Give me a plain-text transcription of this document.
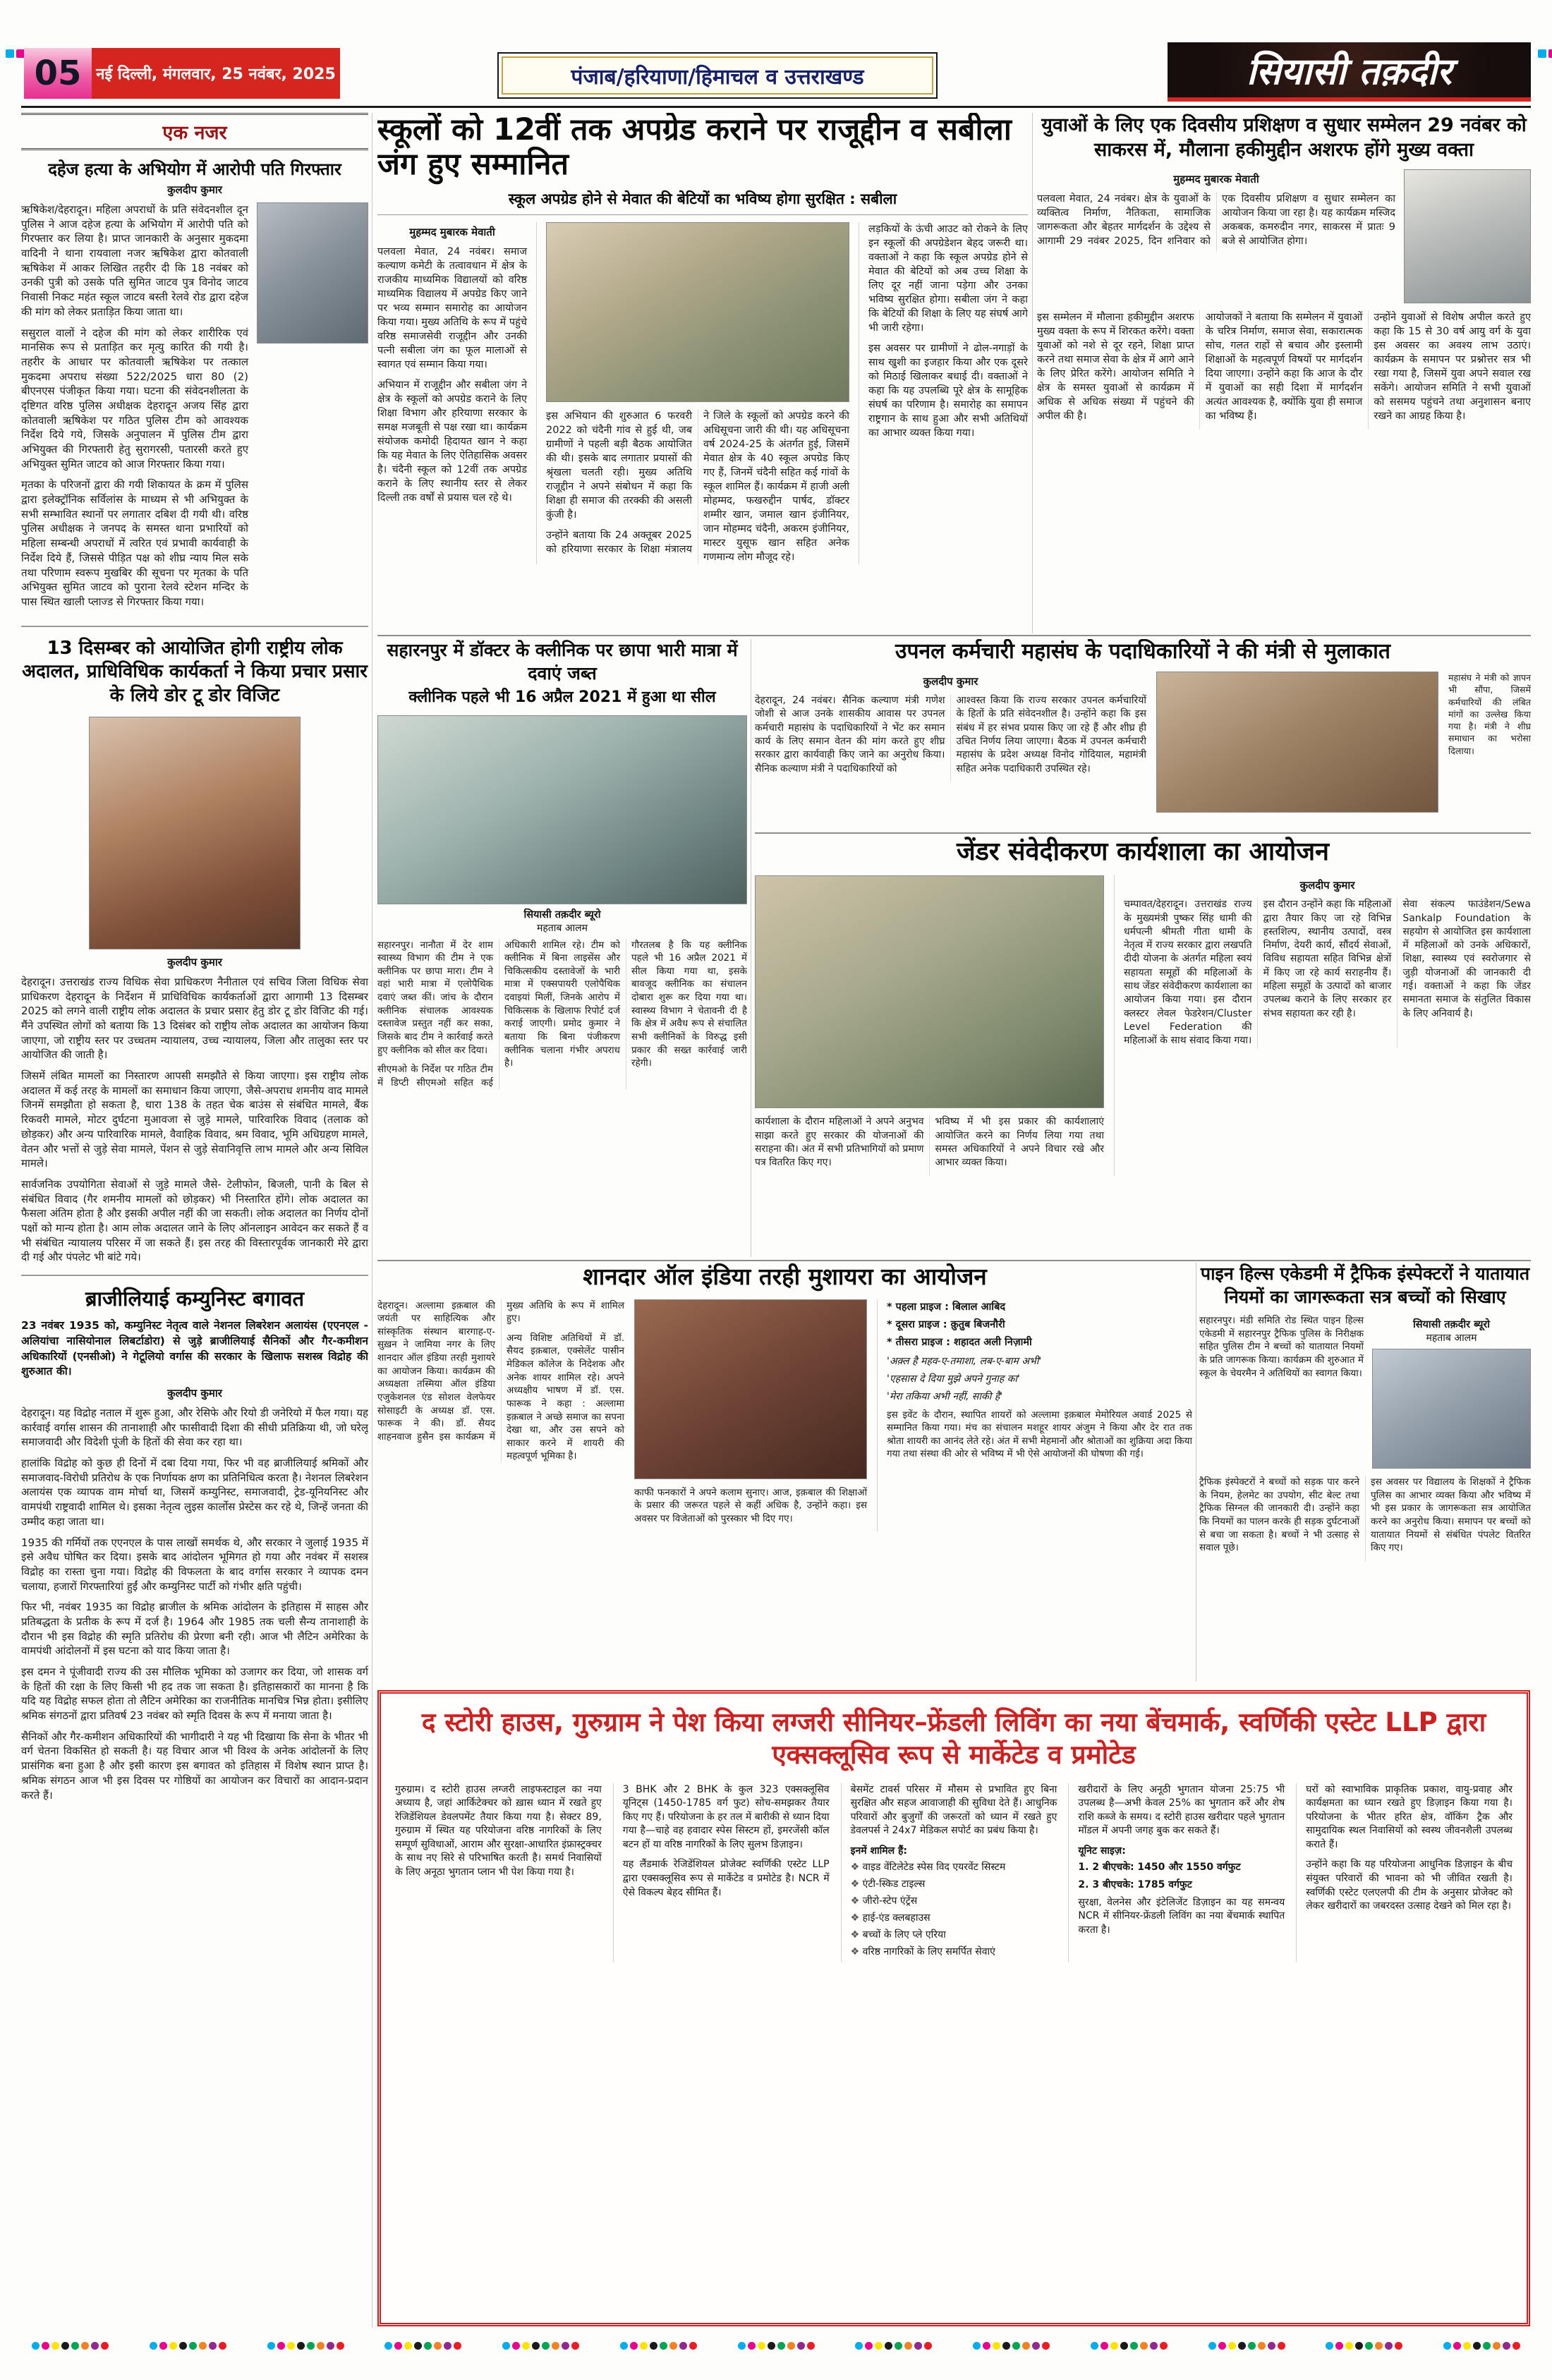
05 नई दिल्ली, मंगलवार, 25 नवंबर, 2025	पंजाब/हरियाणा/हिमाचल व उत्तराखण्ड	सियासी तक़दीर
एक नजर
दहेज हत्या के अभियोग में आरोपी पति गिरफ्तार
कुलदीप कुमार

ऋषिकेश/देहरादून। महिला अपराधों के प्रति संवेदनशील दून पुलिस ने आज दहेज हत्या के अभियोग में आरोपी पति को गिरफ्तार कर लिया है। प्राप्त जानकारी के अनुसार मुकदमा वादिनी ने थाना रायवाला नजर ऋषिकेश द्वारा कोतवाली ऋषिकेश में आकर लिखित तहरीर दी कि 18 नवंबर को उनकी पुत्री को उसके पति सुमित जाटव पुत्र विनोद जाटव निवासी निकट महंत स्कूल जाटव बस्ती रेलवे रोड द्वारा दहेज की मांग को लेकर प्रताड़ित किया जाता था।

ससुराल वालों ने दहेज की मांग को लेकर शारीरिक एवं मानसिक रूप से प्रताड़ित कर मृत्यु कारित की गयी है। तहरीर के आधार पर कोतवाली ऋषिकेश पर तत्काल मुकदमा अपराध संख्या 522/2025 धारा 80 (2) बीएनएस पंजीकृत किया गया। घटना की संवेदनशीलता के दृष्टिगत वरिष्ठ पुलिस अधीक्षक देहरादून अजय सिंह द्वारा कोतवाली ऋषिकेश पर गठित पुलिस टीम को आवश्यक निर्देश दिये गये, जिसके अनुपालन में पुलिस टीम द्वारा अभियुक्त की गिरफ्तारी हेतु सुरागरसी, पतारसी करते हुए अभियुक्त सुमित जाटव को आज गिरफ्तार किया गया।

मृतका के परिजनों द्वारा की गयी शिकायत के क्रम में पुलिस द्वारा इलेक्ट्रॉनिक सर्विलांस के माध्यम से भी अभियुक्त के सभी सम्भावित स्थानों पर लगातार दबिश दी गयी थी। वरिष्ठ पुलिस अधीक्षक ने जनपद के समस्त थाना प्रभारियों को महिला सम्बन्धी अपराधों में त्वरित एवं प्रभावी कार्यवाही के निर्देश दिये हैं, जिससे पीड़ित पक्ष को शीघ्र न्याय मिल सके तथा परिणाम स्वरूप मुखबिर की सूचना पर मृतका के पति अभियुक्त सुमित जाटव को पुराना रेलवे स्टेशन मन्दिर के पास स्थित खाली प्लाज्ड से गिरफ्तार किया गया।

13 दिसम्बर को आयोजित होगी राष्ट्रीय लोक अदालत, प्राधिविधिक कार्यकर्ता ने किया प्रचार प्रसार के लिये डोर टू डोर विजिट
कुलदीप कुमार

देहरादून। उत्तराखंड राज्य विधिक सेवा प्राधिकरण नैनीताल एवं सचिव जिला विधिक सेवा प्राधिकरण देहरादून के निर्देशन में प्राधिविधिक कार्यकर्ताओं द्वारा आगामी 13 दिसम्बर 2025 को लगने वाली राष्ट्रीय लोक अदालत के प्रचार प्रसार हेतु डोर टू डोर विजिट की गई। मैंने उपस्थित लोगों को बताया कि 13 दिसंबर को राष्ट्रीय लोक अदालत का आयोजन किया जाएगा, जो राष्ट्रीय स्तर पर उच्चतम न्यायालय, उच्च न्यायालय, जिला और तालुका स्तर पर आयोजित की जाती है।

जिसमें लंबित मामलों का निस्तारण आपसी समझौते से किया जाएगा। इस राष्ट्रीय लोक अदालत में कई तरह के मामलों का समाधान किया जाएगा, जैसे-अपराध शमनीय वाद मामले जिनमें समझौता हो सकता है, धारा 138 के तहत चेक बाउंस से संबंधित मामले, बैंक रिकवरी मामले, मोटर दुर्घटना मुआवजा से जुड़े मामले, पारिवारिक विवाद (तलाक को छोड़कर) और अन्य पारिवारिक मामले, वैवाहिक विवाद, श्रम विवाद, भूमि अधिग्रहण मामले, वेतन और भत्तों से जुड़े सेवा मामले, पेंशन से जुड़े सेवानिवृत्ति लाभ मामले और अन्य सिविल मामले।

सार्वजनिक उपयोगिता सेवाओं से जुड़े मामले जैसे- टेलीफोन, बिजली, पानी के बिल से संबंधित विवाद (गैर शमनीय मामलों को छोड़कर) भी निस्तारित होंगे। लोक अदालत का फैसला अंतिम होता है और इसकी अपील नहीं की जा सकती। लोक अदालत का निर्णय दोनों पक्षों को मान्य होता है। आम लोक अदालत जाने के लिए ऑनलाइन आवेदन कर सकते हैं व भी संबंधित न्यायालय परिसर में जा सकते हैं। इस तरह की विस्तारपूर्वक जानकारी मेरे द्वारा दी गई और पंपलेट भी बांटे गये।

ब्राजीलियाई कम्युनिस्ट बगावत

23 नवंबर 1935 को, कम्युनिस्ट नेतृत्व वाले नेशनल लिबरेशन अलायंस (एएनएल - अलियांचा नासियोनाल लिबर्टाडोरा) से जुड़े ब्राजीलियाई सैनिकों और गैर-कमीशन अधिकारियों (एनसीओ) ने गेटूलियो वर्गास की सरकार के खिलाफ सशस्त्र विद्रोह की शुरुआत की।

कुलदीप कुमार

देहरादून। यह विद्रोह नताल में शुरू हुआ, और रेसिफे और रियो डी जनेरियो में फैल गया। यह कार्रवाई वर्गास शासन की तानाशाही और फासीवादी दिशा की सीधी प्रतिक्रिया थी, जो घरेलू समाजवादी और विदेशी पूंजी के हितों की सेवा कर रहा था।

हालांकि विद्रोह को कुछ ही दिनों में दबा दिया गया, फिर भी वह ब्राजीलियाई श्रमिकों और समाजवाद-विरोधी प्रतिरोध के एक निर्णायक क्षण का प्रतिनिधित्व करता है। नेशनल लिबरेशन अलायंस एक व्यापक वाम मोर्चा था, जिसमें कम्युनिस्ट, समाजवादी, ट्रेड-यूनियनिस्ट और वामपंथी राष्ट्रवादी शामिल थे। इसका नेतृत्व लुइस कार्लोस प्रेस्टेस कर रहे थे, जिन्हें जनता की उम्मीद कहा जाता था।

1935 की गर्मियों तक एएनएल के पास लाखों समर्थक थे, और सरकार ने जुलाई 1935 में इसे अवैध घोषित कर दिया। इसके बाद आंदोलन भूमिगत हो गया और नवंबर में सशस्त्र विद्रोह का रास्ता चुना गया। विद्रोह की विफलता के बाद वर्गास सरकार ने व्यापक दमन चलाया, हजारों गिरफ्तारियां हुईं और कम्युनिस्ट पार्टी को गंभीर क्षति पहुंची।

फिर भी, नवंबर 1935 का विद्रोह ब्राजील के श्रमिक आंदोलन के इतिहास में साहस और प्रतिबद्धता के प्रतीक के रूप में दर्ज है। 1964 और 1985 तक चली सैन्य तानाशाही के दौरान भी इस विद्रोह की स्मृति प्रतिरोध की प्रेरणा बनी रही। आज भी लैटिन अमेरिका के वामपंथी आंदोलनों में इस घटना को याद किया जाता है।

इस दमन ने पूंजीवादी राज्य की उस मौलिक भूमिका को उजागर कर दिया, जो शासक वर्ग के हितों की रक्षा के लिए किसी भी हद तक जा सकता है। इतिहासकारों का मानना है कि यदि यह विद्रोह सफल होता तो लैटिन अमेरिका का राजनीतिक मानचित्र भिन्न होता। इसीलिए श्रमिक संगठनों द्वारा प्रतिवर्ष 23 नवंबर को स्मृति दिवस के रूप में मनाया जाता है।

सैनिकों और गैर-कमीशन अधिकारियों की भागीदारी ने यह भी दिखाया कि सेना के भीतर भी वर्ग चेतना विकसित हो सकती है। यह विचार आज भी विश्व के अनेक आंदोलनों के लिए प्रासंगिक बना हुआ है और इसी कारण इस बगावत को इतिहास में विशेष स्थान प्राप्त है। श्रमिक संगठन आज भी इस दिवस पर गोष्ठियों का आयोजन कर विचारों का आदान-प्रदान करते हैं।

स्कूलों को 12वीं तक अपग्रेड कराने पर राजूद्दीन व सबीला जंग हुए सम्मानित
स्कूल अपग्रेड होने से मेवात की बेटियों का भविष्य होगा सुरक्षित : सबीला
मुहम्मद मुबारक मेवाती

पलवला मेवात, 24 नवंबर। समाज कल्याण कमेटी के तत्वावधान में क्षेत्र के राजकीय माध्यमिक विद्यालयों को वरिष्ठ माध्यमिक विद्यालय में अपग्रेड किए जाने पर भव्य सम्मान समारोह का आयोजन किया गया। मुख्य अतिथि के रूप में पहुंचे वरिष्ठ समाजसेवी राजूद्दीन और उनकी पत्नी सबीला जंग का फूल मालाओं से स्वागत एवं सम्मान किया गया।

अभियान में राजूद्दीन और सबीला जंग ने क्षेत्र के स्कूलों को अपग्रेड कराने के लिए शिक्षा विभाग और हरियाणा सरकार के समक्ष मजबूती से पक्ष रखा था। कार्यक्रम संयोजक कमोदी हिदायत खान ने कहा कि यह मेवात के लिए ऐतिहासिक अवसर है। चंदैनी स्कूल को 12वीं तक अपग्रेड कराने के लिए स्थानीय स्तर से लेकर दिल्ली तक वर्षों से प्रयास चल रहे थे।

इस अभियान की शुरुआत 6 फरवरी 2022 को चंदैनी गांव से हुई थी, जब ग्रामीणों ने पहली बड़ी बैठक आयोजित की थी। इसके बाद लगातार प्रयासों की श्रृंखला चलती रही। मुख्य अतिथि राजूद्दीन ने अपने संबोधन में कहा कि शिक्षा ही समाज की तरक्की की असली कुंजी है।

उन्होंने बताया कि 24 अक्तूबर 2025 को हरियाणा सरकार के शिक्षा मंत्रालय ने जिले के स्कूलों को अपग्रेड करने की अधिसूचना जारी की थी। यह अधिसूचना वर्ष 2024-25 के अंतर्गत हुई, जिसमें मेवात क्षेत्र के 40 स्कूल अपग्रेड किए गए हैं, जिनमें चंदैनी सहित कई गांवों के स्कूल शामिल हैं। कार्यक्रम में हाजी अली मोहम्मद, फखरुद्दीन पार्षद, डॉक्टर शम्मीर खान, जमाल खान इंजीनियर, जान मोहम्मद चंदैनी, अकरम इंजीनियर, मास्टर युसूफ खान सहित अनेक गणमान्य लोग मौजूद रहे।

लड़कियों के ऊंची आउट को रोकने के लिए इन स्कूलों की अपग्रेडेशन बेहद जरूरी था। वक्ताओं ने कहा कि स्कूल अपग्रेड होने से मेवात की बेटियों को अब उच्च शिक्षा के लिए दूर नहीं जाना पड़ेगा और उनका भविष्य सुरक्षित होगा। सबीला जंग ने कहा कि बेटियों की शिक्षा के लिए यह संघर्ष आगे भी जारी रहेगा।

इस अवसर पर ग्रामीणों ने ढोल-नगाड़ों के साथ खुशी का इजहार किया और एक दूसरे को मिठाई खिलाकर बधाई दी। वक्ताओं ने कहा कि यह उपलब्धि पूरे क्षेत्र के सामूहिक संघर्ष का परिणाम है। समारोह का समापन राष्ट्रगान के साथ हुआ और सभी अतिथियों का आभार व्यक्त किया गया।

युवाओं के लिए एक दिवसीय प्रशिक्षण व सुधार सम्मेलन 29 नवंबर को साकरस में, मौलाना हकीमुद्दीन अशरफ होंगे मुख्य वक्ता
मुहम्मद मुबारक मेवाती

पलवला मेवात, 24 नवंबर। क्षेत्र के युवाओं के व्यक्तित्व निर्माण, नैतिकता, सामाजिक जागरूकता और बेहतर मार्गदर्शन के उद्देश्य से आगामी 29 नवंबर 2025, दिन शनिवार को एक दिवसीय प्रशिक्षण व सुधार सम्मेलन का आयोजन किया जा रहा है। यह कार्यक्रम मस्जिद अकबक, कमरुदीन नगर, साकरस में प्रातः 9 बजे से आयोजित होगा।

इस सम्मेलन में मौलाना हकीमुद्दीन अशरफ मुख्य वक्ता के रूप में शिरकत करेंगे। वक्ता युवाओं को नशे से दूर रहने, शिक्षा प्राप्त करने तथा समाज सेवा के क्षेत्र में आगे आने के लिए प्रेरित करेंगे। आयोजन समिति ने क्षेत्र के समस्त युवाओं से कार्यक्रम में अधिक से अधिक संख्या में पहुंचने की अपील की है।

आयोजकों ने बताया कि सम्मेलन में युवाओं के चरित्र निर्माण, समाज सेवा, सकारात्मक सोच, गलत राहों से बचाव और इस्लामी शिक्षाओं के महत्वपूर्ण विषयों पर मार्गदर्शन दिया जाएगा। उन्होंने कहा कि आज के दौर में युवाओं का सही दिशा में मार्गदर्शन अत्यंत आवश्यक है, क्योंकि युवा ही समाज का भविष्य हैं।

उन्होंने युवाओं से विशेष अपील करते हुए कहा कि 15 से 30 वर्ष आयु वर्ग के युवा इस अवसर का अवश्य लाभ उठाएं। कार्यक्रम के समापन पर प्रश्नोत्तर सत्र भी रखा गया है, जिसमें युवा अपने सवाल रख सकेंगे। आयोजन समिति ने सभी युवाओं को ससमय पहुंचने तथा अनुशासन बनाए रखने का आग्रह किया है।

सहारनपुर में डॉक्टर के क्लीनिक पर छापा भारी मात्रा में दवाएं जब्त
क्लीनिक पहले भी 16 अप्रैल 2021 में हुआ था सील
सियासी तक़दीर ब्यूरो
महताब आलम

सहारनपुर। नानौता में देर शाम स्वास्थ्य विभाग की टीम ने एक क्लीनिक पर छापा मारा। टीम ने वहां भारी मात्रा में एलोपैथिक दवाएं जब्त कीं। जांच के दौरान क्लीनिक संचालक आवश्यक दस्तावेज प्रस्तुत नहीं कर सका, जिसके बाद टीम ने कार्रवाई करते हुए क्लीनिक को सील कर दिया।

सीएमओ के निर्देश पर गठित टीम में डिप्टी सीएमओ सहित कई अधिकारी शामिल रहे। टीम को क्लीनिक में बिना लाइसेंस और चिकित्सकीय दस्तावेजों के भारी मात्रा में एक्सपायरी एलोपैथिक दवाइयां मिलीं, जिनके आरोप में चिकित्सक के खिलाफ रिपोर्ट दर्ज कराई जाएगी। प्रमोद कुमार ने बताया कि बिना पंजीकरण क्लीनिक चलाना गंभीर अपराध है।

गौरतलब है कि यह क्लीनिक पहले भी 16 अप्रैल 2021 में सील किया गया था, इसके बावजूद क्लीनिक का संचालन दोबारा शुरू कर दिया गया था। स्वास्थ्य विभाग ने चेतावनी दी है कि क्षेत्र में अवैध रूप से संचालित सभी क्लीनिकों के विरुद्ध इसी प्रकार की सख्त कार्रवाई जारी रहेगी।

उपनल कर्मचारी महासंघ के पदाधिकारियों ने की मंत्री से मुलाकात
कुलदीप कुमार

देहरादून, 24 नवंबर। सैनिक कल्याण मंत्री गणेश जोशी से आज उनके शासकीय आवास पर उपनल कर्मचारी महासंघ के पदाधिकारियों ने भेंट कर समान कार्य के लिए समान वेतन की मांग करते हुए शीघ्र सरकार द्वारा कार्यवाही किए जाने का अनुरोध किया। सैनिक कल्याण मंत्री ने पदाधिकारियों को

आश्वस्त किया कि राज्य सरकार उपनल कर्मचारियों के हितों के प्रति संवेदनशील है। उन्होंने कहा कि इस संबंध में हर संभव प्रयास किए जा रहे हैं और शीघ्र ही उचित निर्णय लिया जाएगा। बैठक में उपनल कर्मचारी महासंघ के प्रदेश अध्यक्ष विनोद गोदियाल, महामंत्री सहित अनेक पदाधिकारी उपस्थित रहे।

महासंघ ने मंत्री को ज्ञापन भी सौंपा, जिसमें कर्मचारियों की लंबित मांगों का उल्लेख किया गया है। मंत्री ने शीघ्र समाधान का भरोसा दिलाया।

जेंडर संवेदीकरण कार्यशाला का आयोजन

कार्यशाला के दौरान महिलाओं ने अपने अनुभव साझा करते हुए सरकार की योजनाओं की सराहना की। अंत में सभी प्रतिभागियों को प्रमाण पत्र वितरित किए गए।

भविष्य में भी इस प्रकार की कार्यशालाएं आयोजित करने का निर्णय लिया गया तथा समस्त अधिकारियों ने अपने विचार रखे और आभार व्यक्त किया।

कुलदीप कुमार

चम्पावत/देहरादून। उत्तराखंड राज्य के मुख्यमंत्री पुष्कर सिंह धामी की धर्मपत्नी श्रीमती गीता धामी के नेतृत्व में राज्य सरकार द्वारा लखपति दीदी योजना के अंतर्गत महिला स्वयं सहायता समूहों की महिलाओं के साथ जेंडर संवेदीकरण कार्यशाला का आयोजन किया गया। इस दौरान क्लस्टर लेवल फेडरेशन/Cluster Level Federation की महिलाओं के साथ संवाद किया गया।

इस दौरान उन्होंने कहा कि महिलाओं द्वारा तैयार किए जा रहे विभिन्न हस्तशिल्प, स्थानीय उत्पादों, वस्त्र निर्माण, देयरी कार्य, सौंदर्य सेवाओं, विविध सहायता सहित विभिन्न क्षेत्रों में किए जा रहे कार्य सराहनीय हैं। महिला समूहों के उत्पादों को बाजार उपलब्ध कराने के लिए सरकार हर संभव सहायता कर रही है।

सेवा संकल्प फाउंडेशन/Sewa Sankalp Foundation के सहयोग से आयोजित इस कार्यशाला में महिलाओं को उनके अधिकारों, शिक्षा, स्वास्थ्य एवं स्वरोजगार से जुड़ी योजनाओं की जानकारी दी गई। वक्ताओं ने कहा कि जेंडर समानता समाज के संतुलित विकास के लिए अनिवार्य है।

शानदार ऑल इंडिया तरही मुशायरा का आयोजन

देहरादून। अल्लामा इक़बाल की जयंती पर साहित्यिक और सांस्कृतिक संस्थान बारगाह-ए-सुख़न ने जामिया नगर के लिए शानदार ऑल इंडिया तरही मुशायरे का आयोजन किया। कार्यक्रम की अध्यक्षता तस्मिया ऑल इंडिया एजुकेशनल एंड सोशल वेलफेयर सोसाइटी के अध्यक्ष डॉ. एस. फारूक ने की। डॉ. सैयद शाहनवाज हुसैन इस कार्यक्रम में मुख्य अतिथि के रूप में शामिल हुए।

अन्य विशिष्ट अतिथियों में डॉ. सैयद इक़बाल, एक्सेलेंट पासीन मेडिकल कॉलेज के निदेशक और अनेक शायर शामिल रहे। अपने अध्यक्षीय भाषण में डॉ. एस. फारूक ने कहा : अल्लामा इक़बाल ने अच्छे समाज का सपना देखा था, और उस सपने को साकार करने में शायरी की महत्वपूर्ण भूमिका है।

काफी फनकारों ने अपने कलाम सुनाए। आज, इक़बाल की शिक्षाओं के प्रसार की जरूरत पहले से कहीं अधिक है, उन्होंने कहा। इस अवसर पर विजेताओं को पुरस्कार भी दिए गए।

* पहला प्राइज : बिलाल आबिद

* दूसरा प्राइज : क़ुतुब बिजनौरी

* तीसरा प्राइज : शहादत अली निज़ामी

'अक़्ल है महव-ए-तमाशा, लब-ए-बाम अभी'

'एहसास दे दिया मुझे अपने गुनाह का'

'मेरा तकिया अभी नहीं, साकी है'

इस इवेंट के दौरान, स्थापित शायरों को अल्लामा इक़बाल मेमोरियल अवार्ड 2025 से सम्मानित किया गया। मंच का संचालन मशहूर शायर अंजुम ने किया और देर रात तक श्रोता शायरी का आनंद लेते रहे। अंत में सभी मेहमानों और श्रोताओं का शुक्रिया अदा किया गया तथा संस्था की ओर से भविष्य में भी ऐसे आयोजनों की घोषणा की गई।

पाइन हिल्स एकेडमी में ट्रैफिक इंस्पेक्टरों ने यातायात नियमों का जागरूकता सत्र बच्चों को सिखाए

सहारनपुर। मंडी समिति रोड स्थित पाइन हिल्स एकेडमी में सहारनपुर ट्रैफिक पुलिस के निरीक्षक सहित पुलिस टीम ने बच्चों को यातायात नियमों के प्रति जागरूक किया। कार्यक्रम की शुरुआत में स्कूल के चेयरमैन ने अतिथियों का स्वागत किया।

सियासी तक़दीर ब्यूरो
महताब आलम

ट्रैफिक इंस्पेक्टरों ने बच्चों को सड़क पार करने के नियम, हेलमेट का उपयोग, सीट बेल्ट तथा ट्रैफिक सिग्नल की जानकारी दी। उन्होंने कहा कि नियमों का पालन करके ही सड़क दुर्घटनाओं से बचा जा सकता है। बच्चों ने भी उत्साह से सवाल पूछे।

इस अवसर पर विद्यालय के शिक्षकों ने ट्रैफिक पुलिस का आभार व्यक्त किया और भविष्य में भी इस प्रकार के जागरूकता सत्र आयोजित करने का अनुरोध किया। समापन पर बच्चों को यातायात नियमों से संबंधित पंपलेट वितरित किए गए।

द स्टोरी हाउस, गुरुग्राम ने पेश किया लग्जरी सीनियर–फ्रेंडली लिविंग का नया बेंचमार्क, स्वर्णिकी एस्टेट LLP द्वारा एक्सक्लूसिव रूप से मार्केटेड व प्रमोटेड

गुरुग्राम। द स्टोरी हाउस लग्जरी लाइफस्टाइल का नया अध्याय है, जहां आर्किटेक्चर को ख़ास ध्यान में रखते हुए रेजिडेंशियल डेवलपमेंट तैयार किया गया है। सेक्टर 89, गुरुग्राम में स्थित यह परियोजना वरिष्ठ नागरिकों के लिए सम्पूर्ण सुविधाओं, आराम और सुरक्षा-आधारित इंफ्रास्ट्रक्चर के साथ नए सिरे से परिभाषित करती है। समर्थ निवासियों के लिए अनूठा भुगतान प्लान भी पेश किया गया है।

3 BHK और 2 BHK के कुल 323 एक्सक्लूसिव यूनिट्स (1450-1785 वर्ग फुट) सोच-समझकर तैयार किए गए हैं। परियोजना के हर तल में बारीकी से ध्यान दिया गया है—चाहे वह हवादार स्पेस सिस्टम हों, इमरजेंसी कॉल बटन हों या वरिष्ठ नागरिकों के लिए सुलभ डिज़ाइन।

यह लैंडमार्क रेजिडेंशियल प्रोजेक्ट स्वर्णिकी एस्टेट LLP द्वारा एक्सक्लूसिव रूप से मार्केटेड व प्रमोटेड है। NCR में ऐसे विकल्प बेहद सीमित हैं।

बेसमेंट टावर्स परिसर में मौसम से प्रभावित हुए बिना सुरक्षित और सहज आवाजाही की सुविधा देते हैं। आधुनिक परिवारों और बुजुर्गों की जरूरतों को ध्यान में रखते हुए डेवलपर्स ने 24x7 मेडिकल सपोर्ट का प्रबंध किया है।

इनमें शामिल हैं:

❖ वाइड वेंटिलेटेड स्पेस विद एयरवेंट सिस्टम

❖ एंटी-स्किड टाइल्स

❖ जीरो-स्टेप एंट्रेंस

❖ हाई-एंड क्लबहाउस

❖ बच्चों के लिए प्ले एरिया

❖ वरिष्ठ नागरिकों के लिए समर्पित सेवाएं

खरीदारों के लिए अनूठी भुगतान योजना 25:75 भी उपलब्ध है—अभी केवल 25% का भुगतान करें और शेष राशि कब्जे के समय। द स्टोरी हाउस खरीदार पहले भुगतान मॉडल में अपनी जगह बुक कर सकते हैं।

यूनिट साइज़:

1. 2 बीएचके: 1450 और 1550 वर्गफुट

2. 3 बीएचके: 1785 वर्गफुट

सुरक्षा, वेलनेस और इंटेलिजेंट डिज़ाइन का यह समन्वय NCR में सीनियर-फ्रेंडली लिविंग का नया बेंचमार्क स्थापित करता है।

घरों को स्वाभाविक प्राकृतिक प्रकाश, वायु-प्रवाह और कार्यक्षमता का ध्यान रखते हुए डिज़ाइन किया गया है। परियोजना के भीतर हरित क्षेत्र, वॉकिंग ट्रैक और सामुदायिक स्थल निवासियों को स्वस्थ जीवनशैली उपलब्ध कराते हैं।

उन्होंने कहा कि यह परियोजना आधुनिक डिज़ाइन के बीच संयुक्त परिवारों की भावना को भी जीवित रखती है। स्वर्णिकी एस्टेट एलएलपी की टीम के अनुसार प्रोजेक्ट को लेकर खरीदारों का जबरदस्त उत्साह देखने को मिल रहा है।
